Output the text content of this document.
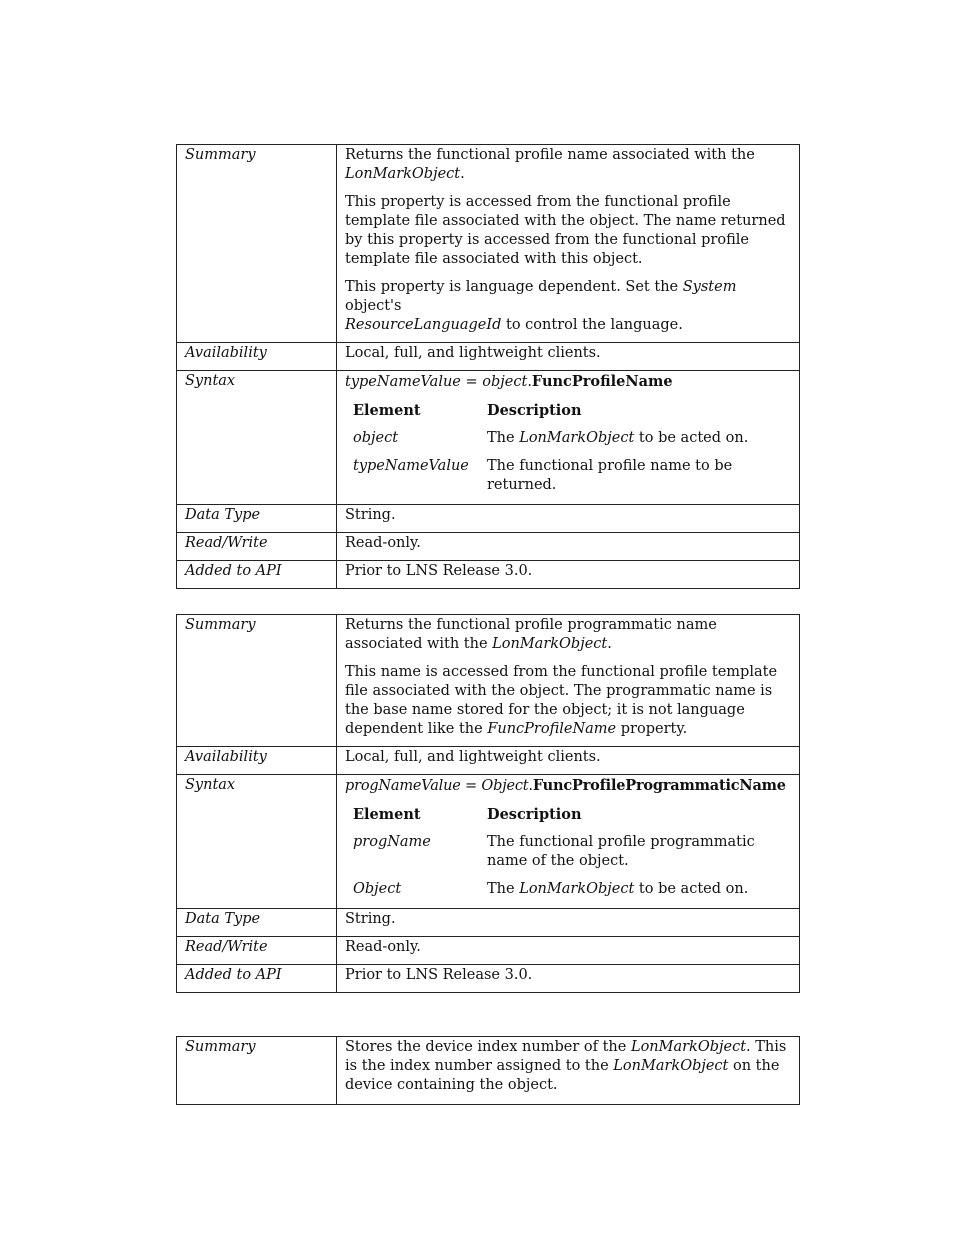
Summary	Returns the functional profile name associated with the
LonMarkObject.

This property is accessed from the functional profile template file associated with the object. The name returned by this property is accessed from the functional profile template file associated with this object.

This property is language dependent. Set the System object's
ResourceLanguageId to control the language.

Availability	Local, full, and lightweight clients.
Syntax	typeNameValue = object.FuncProfileName
Element	Description
object	The LonMarkObject to be acted on.
typeNameValue	The functional profile name to be returned.

Data Type	String.
Read/Write	Read-only.
Added to API	Prior to LNS Release 3.0.
Summary	Returns the functional profile programmatic name associated with the LonMarkObject.

This name is accessed from the functional profile template file associated with the object. The programmatic name is the base name stored for the object; it is not language dependent like the FuncProfileName property.

Availability	Local, full, and lightweight clients.
Syntax	progNameValue = Object.FuncProfileProgrammaticName
Element	Description
progName	The functional profile programmatic name of the object.
Object	The LonMarkObject to be acted on.

Data Type	String.
Read/Write	Read-only.
Added to API	Prior to LNS Release 3.0.
Summary	Stores the device index number of the LonMarkObject. This is the index number assigned to the LonMarkObject on the device containing the object.
